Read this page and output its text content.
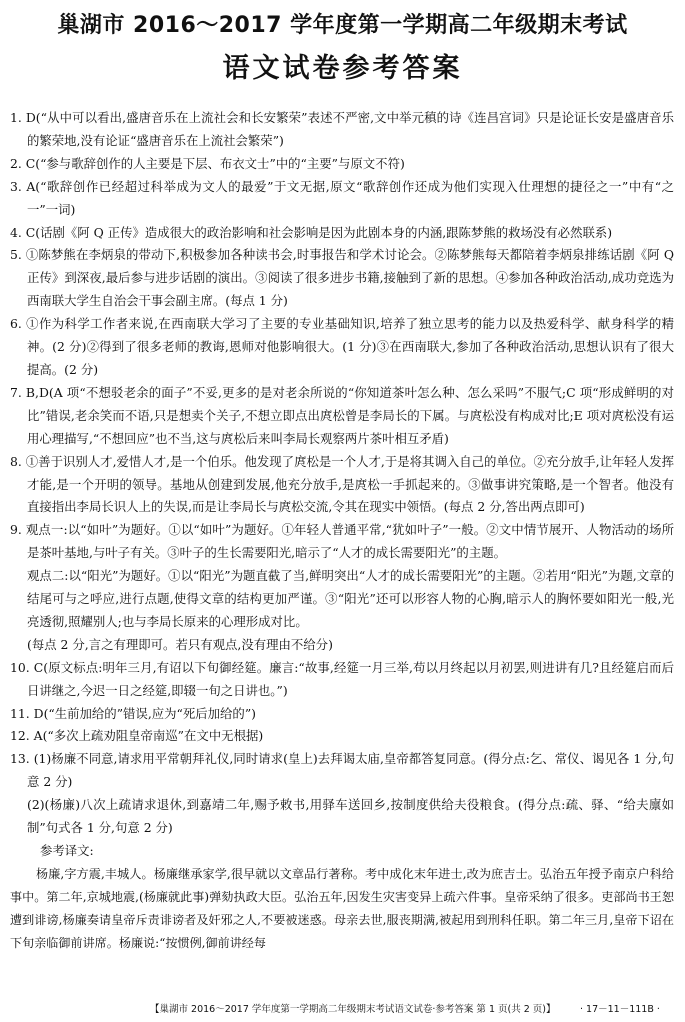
巢湖市 2016～2017 学年度第一学期高二年级期末考试
语文试卷参考答案
1. D(“从中可以看出,盛唐音乐在上流社会和长安繁荣”表述不严密,文中举元稹的诗《连昌宫词》只是论证长安是盛唐音乐的繁荣地,没有论证“盛唐音乐在上流社会繁荣”)
2. C(“参与歌辞创作的人主要是下层、布衣文士”中的“主要”与原文不符)
3. A(“歌辞创作已经超过科举成为文人的最爱”于文无据,原文“歌辞创作还成为他们实现入仕理想的捷径之一”中有“之一”一词)
4. C(话剧《阿 Q 正传》造成很大的政治影响和社会影响是因为此剧本身的内涵,跟陈梦熊的救场没有必然联系)
5. ①陈梦熊在李炳泉的带动下,积极参加各种读书会,时事报告和学术讨论会。②陈梦熊每天都陪着李炳泉排练话剧《阿 Q 正传》到深夜,最后参与进步话剧的演出。③阅读了很多进步书籍,接触到了新的思想。④参加各种政治活动,成功竞选为西南联大学生自治会干事会副主席。(每点 1 分)
6. ①作为科学工作者来说,在西南联大学习了主要的专业基础知识,培养了独立思考的能力以及热爱科学、献身科学的精神。(2 分)②得到了很多老师的教诲,恩师对他影响很大。(1 分)③在西南联大,参加了各种政治活动,思想认识有了很大提高。(2 分)
7. B,D(A 项“不想驳老余的面子”不妥,更多的是对老余所说的“你知道茶叶怎么种、怎么采吗”不服气;C 项“形成鲜明的对比”错误,老余笑而不语,只是想卖个关子,不想立即点出庹松曾是李局长的下属。与庹松没有构成对比;E 项对庹松没有运用心理描写,“不想回应”也不当,这与庹松后来叫李局长观察两片茶叶相互矛盾)
8. ①善于识别人才,爱惜人才,是一个伯乐。他发现了庹松是一个人才,于是将其调入自己的单位。②充分放手,让年轻人发挥才能,是一个开明的领导。基地从创建到发展,他充分放手,是庹松一手抓起来的。③做事讲究策略,是一个智者。他没有直接指出李局长识人上的失误,而是让李局长与庹松交流,令其在现实中领悟。(每点 2 分,答出两点即可)
9. 观点一:以“如叶”为题好。①以“如叶”为题好。①年轻人普通平常,“犹如叶子”一般。②文中情节展开、人物活动的场所是茶叶基地,与叶子有关。③叶子的生长需要阳光,暗示了“人才的成长需要阳光”的主题。
观点二:以“阳光”为题好。①以“阳光”为题直截了当,鲜明突出“人才的成长需要阳光”的主题。②若用“阳光”为题,文章的结尾可与之呼应,进行点题,使得文章的结构更加严谨。③“阳光”还可以形容人物的心胸,暗示人的胸怀要如阳光一般,光亮透彻,照耀别人;也与李局长原来的心理形成对比。
(每点 2 分,言之有理即可。若只有观点,没有理由不给分)
10. C(原文标点:明年三月,有诏以下旬御经筵。廉言:“故事,经筵一月三举,苟以月终起以月初罢,则进讲有几?且经筵启而后日讲继之,今迟一日之经筵,即辍一旬之日讲也。”)
11. D(“生前加给的”错误,应为“死后加给的”)
12. A(“多次上疏劝阻皇帝南巡”在文中无根据)
13. (1)杨廉不同意,请求用平常朝拜礼仪,同时请求(皇上)去拜谒太庙,皇帝都答复同意。(得分点:乞、常仪、谒见各 1 分,句意 2 分)
(2)(杨廉)八次上疏请求退休,到嘉靖二年,赐予敕书,用驿车送回乡,按制度供给夫役粮食。(得分点:疏、驿、“给夫廪如制”句式各 1 分,句意 2 分)
参考译文:
杨廉,字方震,丰城人。杨廉继承家学,很早就以文章品行著称。考中成化末年进士,改为庶吉士。弘治五年授予南京户科给事中。第二年,京城地震,(杨廉就此事)弹劾执政大臣。弘治五年,因发生灾害变异上疏六件事。皇帝采纳了很多。吏部尚书王恕遭到诽谤,杨廉奏请皇帝斥责诽谤者及奸邪之人,不要被迷惑。母亲去世,服丧期满,被起用到刑科任职。第二年三月,皇帝下诏在下旬亲临御前讲席。杨廉说:“按惯例,御前讲经每
【巢湖市 2016～2017 学年度第一学期高二年级期末考试语文试卷·参考答案 第 1 页(共 2 页)】	· 17－11－111B ·
